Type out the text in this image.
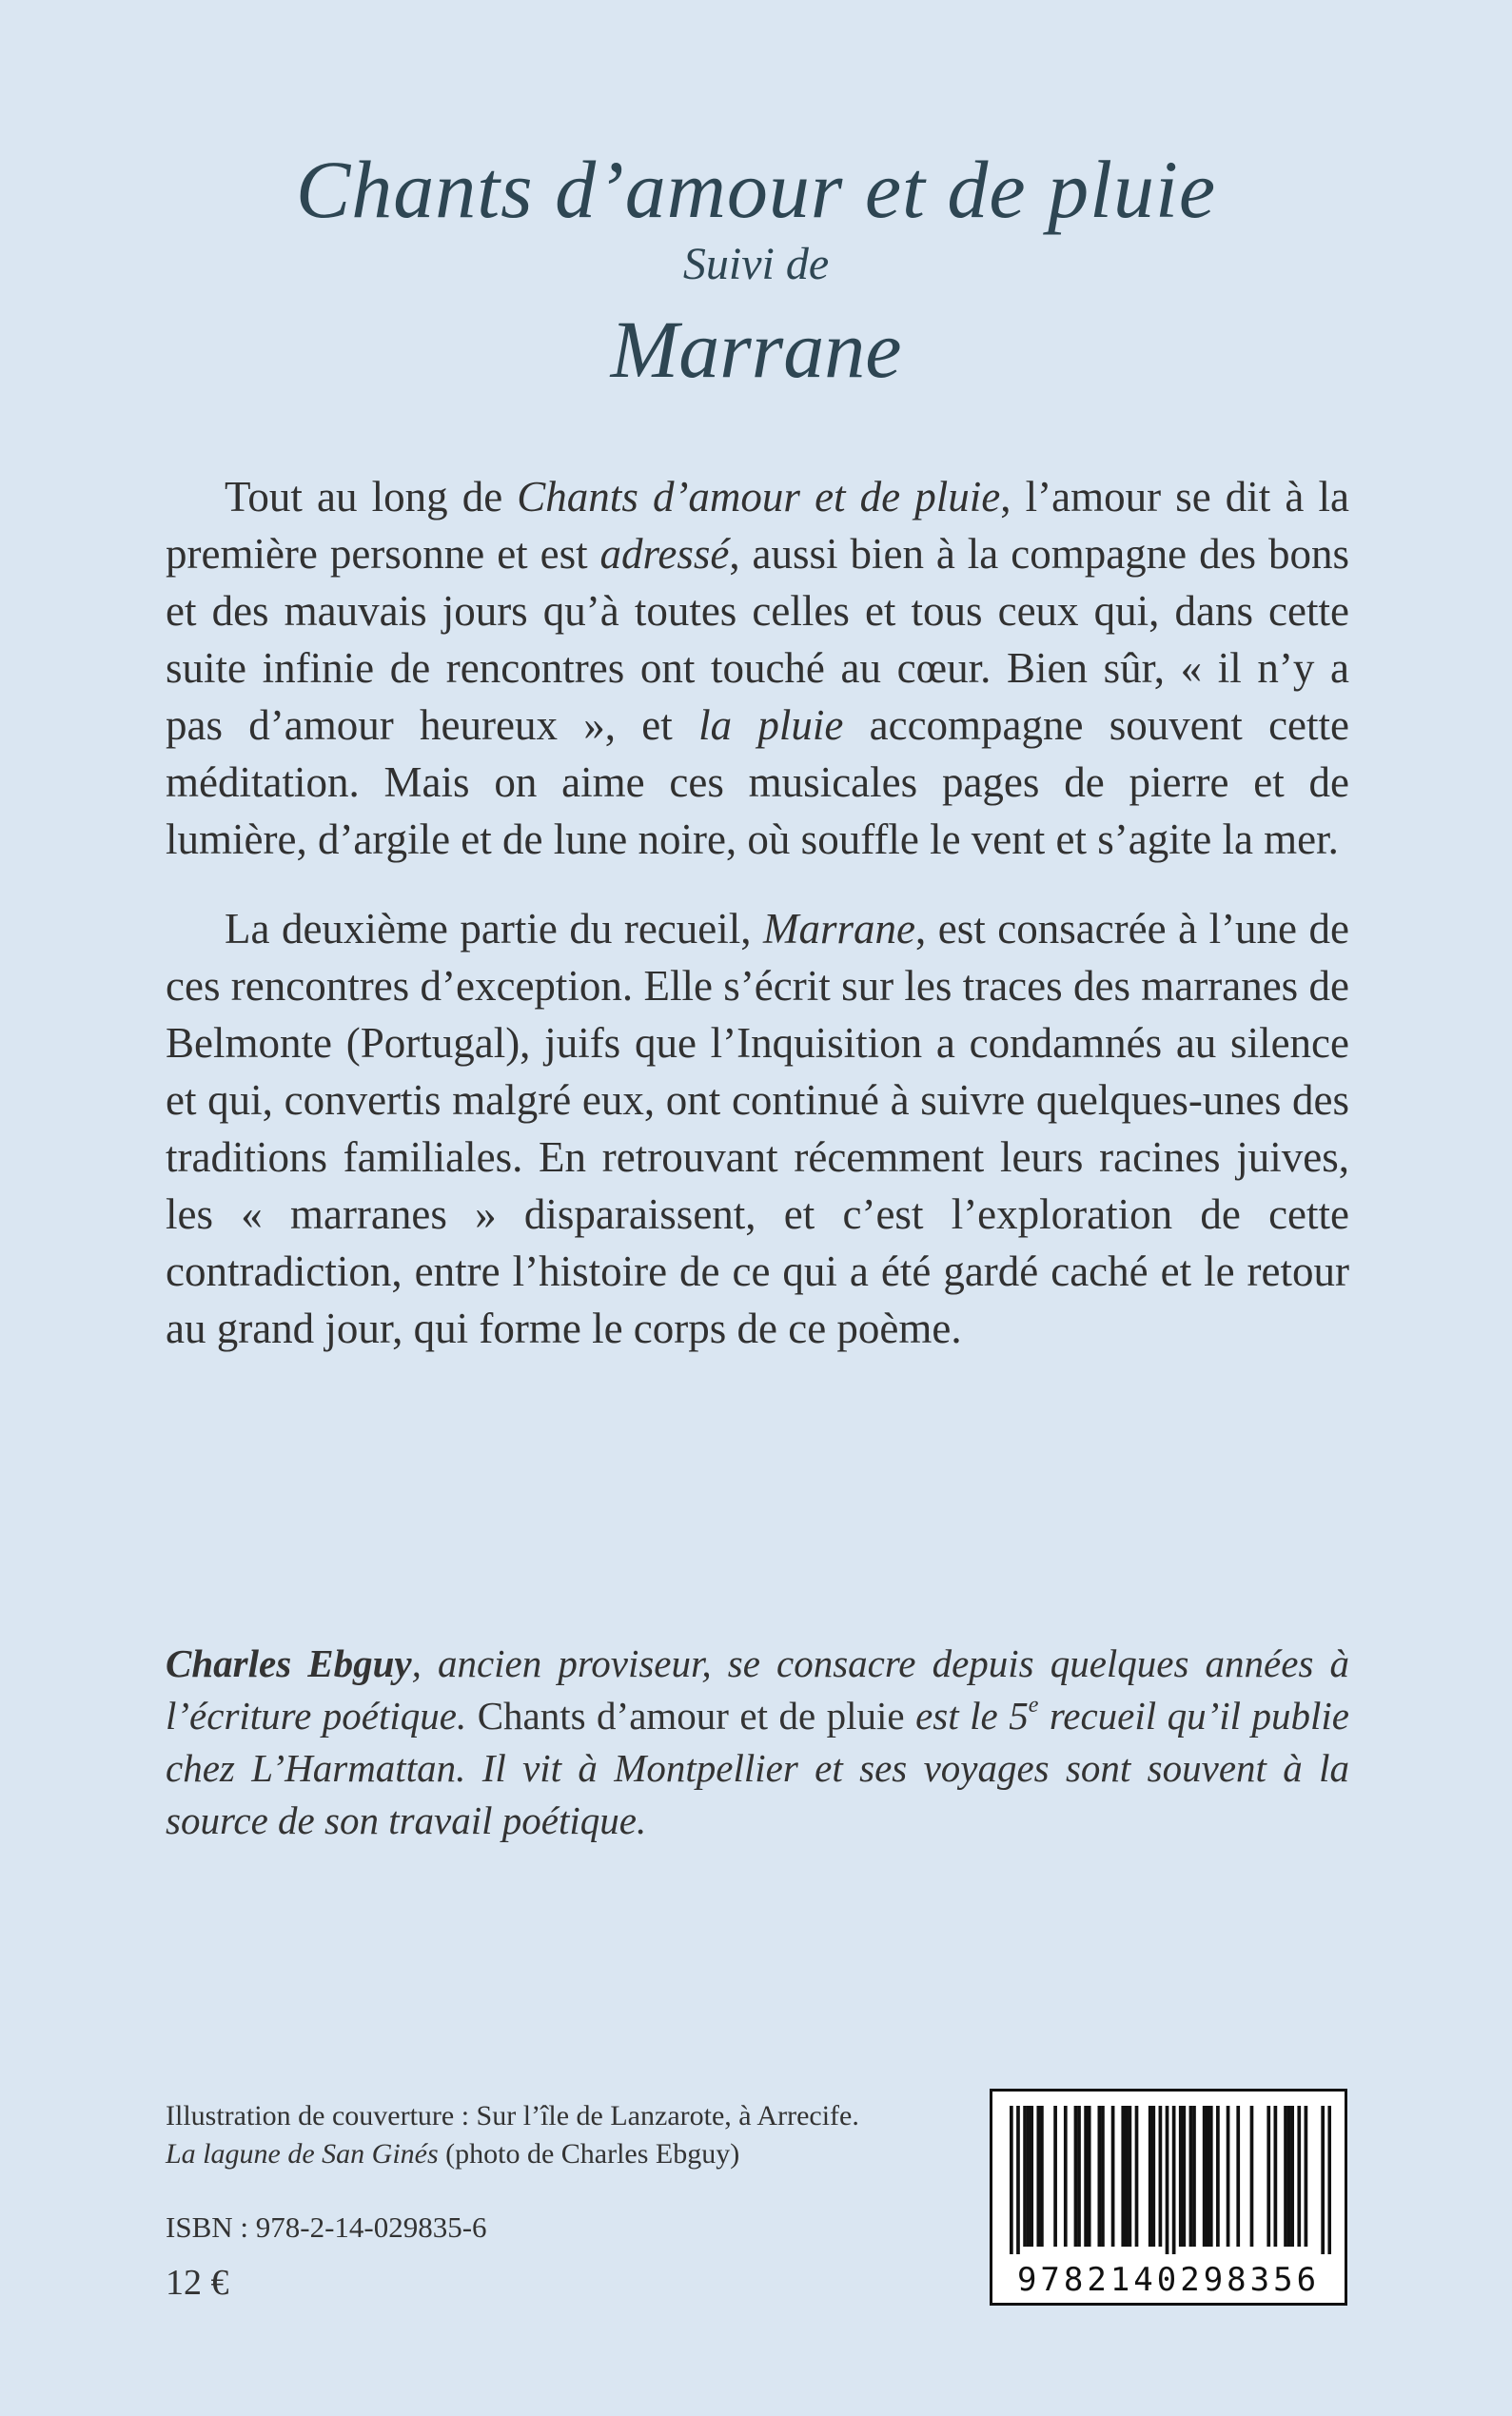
Chants d’amour et de pluie
Suivi de
Marrane

Tout au long de Chants d’amour et de pluie, l’amour se dit à la première personne et est adressé, aussi bien à la compagne des bons et des mauvais jours qu’à toutes celles et tous ceux qui, dans cette suite infinie de rencontres ont touché au cœur. Bien sûr, « il n’y a pas d’amour heureux », et la pluie accompagne souvent cette méditation. Mais on aime ces musicales pages de pierre et de lumière, d’argile et de lune noire, où souffle le vent et s’agite la mer.

La deuxième partie du recueil, Marrane, est consacrée à l’une de ces rencontres d’exception. Elle s’écrit sur les traces des marranes de Belmonte (Portugal), juifs que l’Inquisition a condamnés au silence et qui, convertis malgré eux, ont continué à suivre quelques-unes des traditions familiales. En retrouvant récemment leurs racines juives, les « marranes » disparaissent, et c’est l’exploration de cette contradiction, entre l’histoire de ce qui a été gardé caché et le retour au grand jour, qui forme le corps de ce poème.

Charles Ebguy, ancien proviseur, se consacre depuis quelques années à l’écriture poétique. Chants d’amour et de pluie est le 5e recueil qu’il publie chez L’Harmattan. Il vit à Montpellier et ses voyages sont souvent à la source de son travail poétique.
Illustration de couverture : Sur l’île de Lanzarote, à Arrecife.
La lagune de San Ginés (photo de Charles Ebguy)
ISBN : 978-2-14-029835-6
12 €	9782140298356
